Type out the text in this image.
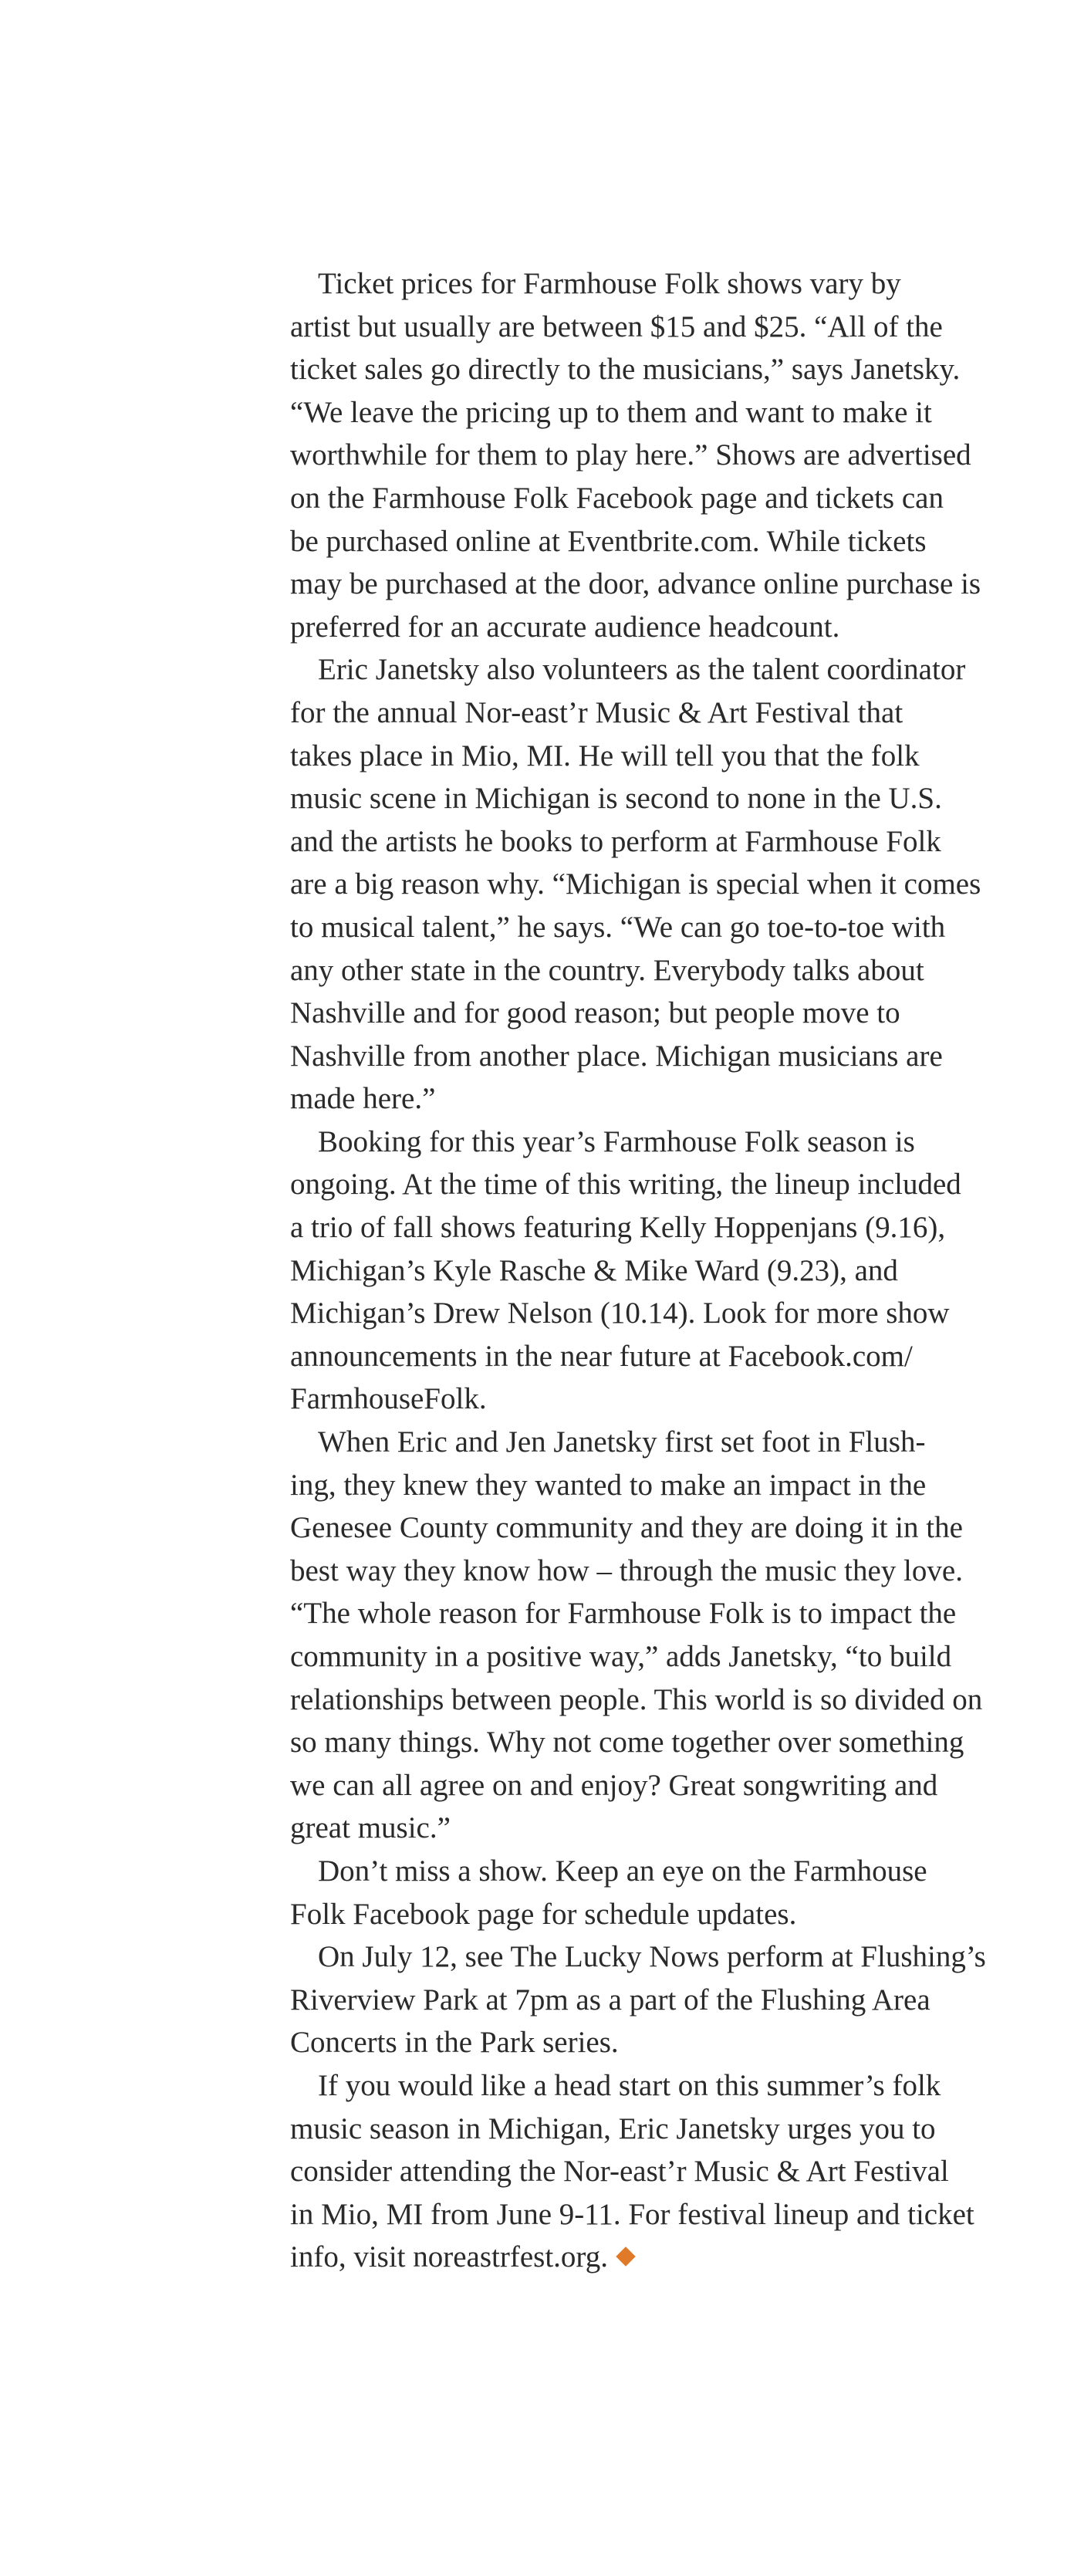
Ticket prices for Farmhouse Folk shows vary by
artist but usually are between $15 and $25. “All of the
ticket sales go directly to the musicians,” says Janetsky.
“We leave the pricing up to them and want to make it
worthwhile for them to play here.” Shows are advertised
on the Farmhouse Folk Facebook page and tickets can
be purchased online at Eventbrite.com. While tickets
may be purchased at the door, advance online purchase is
preferred for an accurate audience headcount.

Eric Janetsky also volunteers as the talent coordinator
for the annual Nor-east’r Music & Art Festival that
takes place in Mio, MI. He will tell you that the folk
music scene in Michigan is second to none in the U.S.
and the artists he books to perform at Farmhouse Folk
are a big reason why. “Michigan is special when it comes
to musical talent,” he says. “We can go toe-to-toe with
any other state in the country. Everybody talks about
Nashville and for good reason; but people move to
Nashville from another place. Michigan musicians are
made here.”

Booking for this year’s Farmhouse Folk season is
ongoing. At the time of this writing, the lineup included
a trio of fall shows featuring Kelly Hoppenjans (9.16),
Michigan’s Kyle Rasche & Mike Ward (9.23), and
Michigan’s Drew Nelson (10.14). Look for more show
announcements in the near future at Facebook.com/
FarmhouseFolk.

When Eric and Jen Janetsky first set foot in Flush-
ing, they knew they wanted to make an impact in the
Genesee County community and they are doing it in the
best way they know how – through the music they love.
“The whole reason for Farmhouse Folk is to impact the
community in a positive way,” adds Janetsky, “to build
relationships between people. This world is so divided on
so many things. Why not come together over something
we can all agree on and enjoy? Great songwriting and
great music.”

Don’t miss a show. Keep an eye on the Farmhouse
Folk Facebook page for schedule updates.

On July 12, see The Lucky Nows perform at Flushing’s
Riverview Park at 7pm as a part of the Flushing Area
Concerts in the Park series.

If you would like a head start on this summer’s folk
music season in Michigan, Eric Janetsky urges you to
consider attending the Nor-east’r Music & Art Festival
in Mio, MI from June 9-11. For festival lineup and ticket
info, visit noreastrfest.org.
